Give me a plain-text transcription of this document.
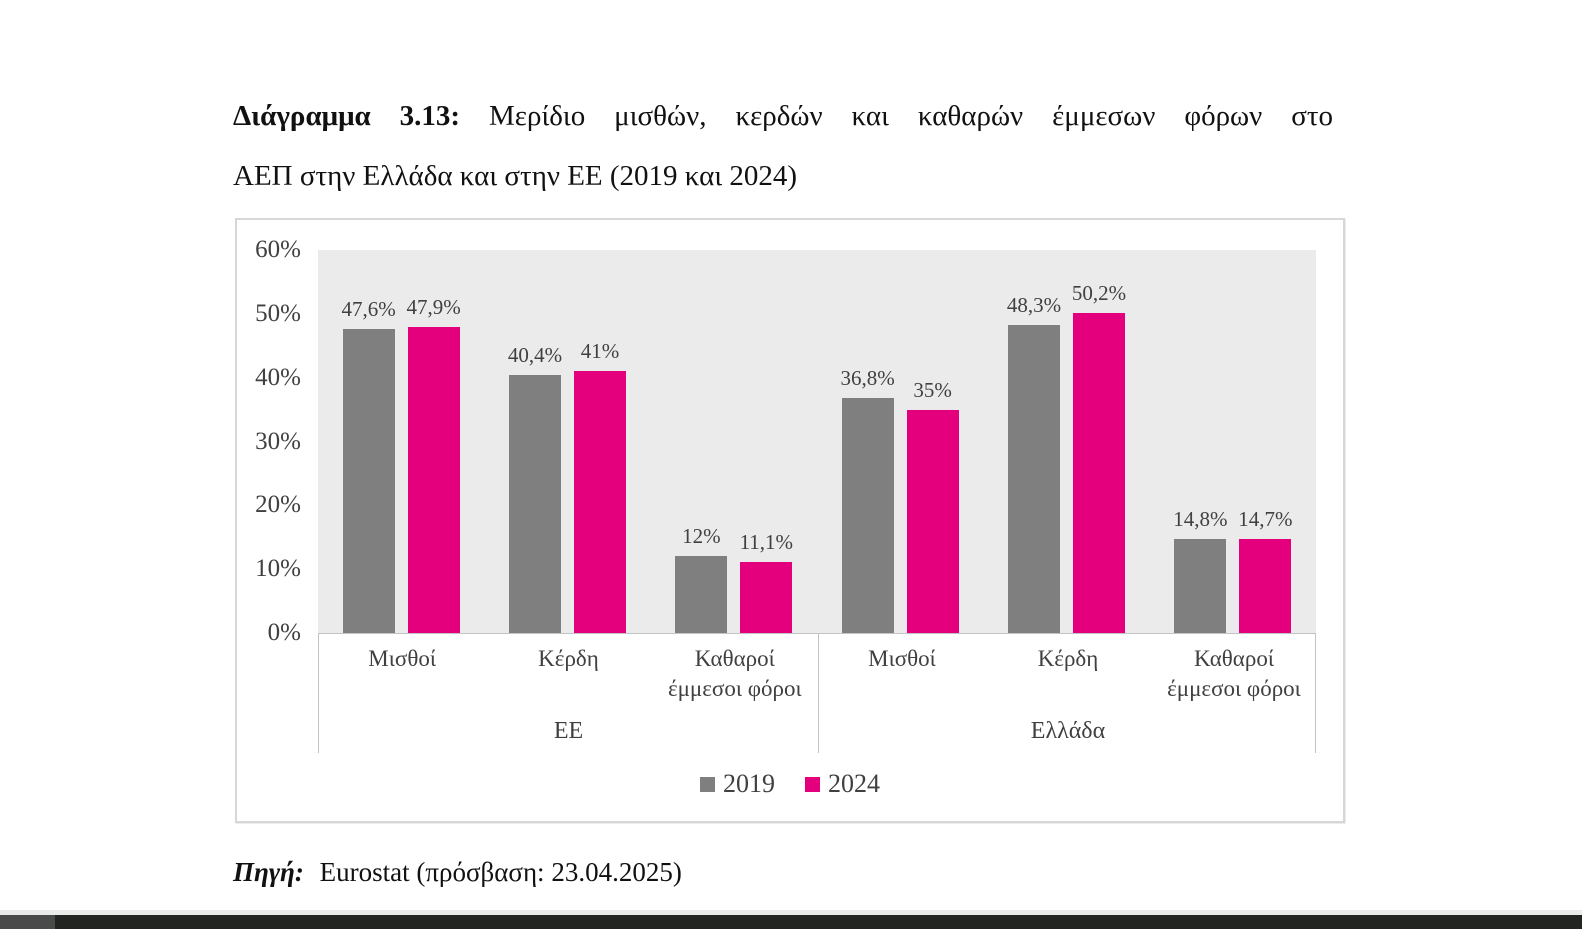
Διάγραμμα 3.13: Μερίδιο μισθών, κερδών και καθαρών έμμεσων φόρων στο
ΑΕΠ στην Ελλάδα και στην ΕΕ (2019 και 2024)
60%
50%
40%
30%
20%
10%
0%
47,6% 47,9%
40,4% 41%
12% 11,1%
36,8% 35%
48,3%
50,2%
14,8% 14,7%
Μισθοί	Κέρδη	Καθαροί έμμεσοι φόροι
ΕΕ
Μισθοί	Κέρδη	Καθαροί έμμεσοι φόροι
Ελλάδα
2019 2024
Πηγή: Eurostat (πρόσβαση: 23.04.2025)
